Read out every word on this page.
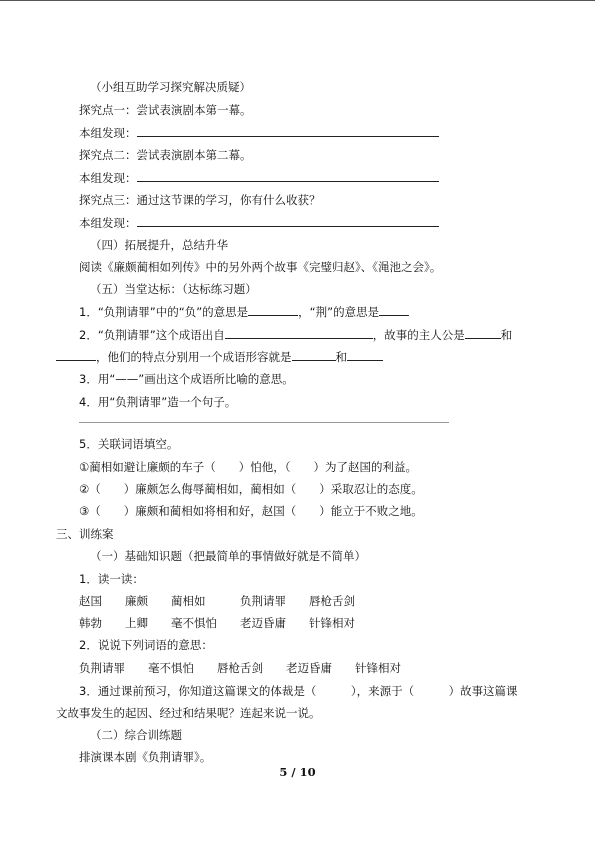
（小组互助学习探究解决质疑）
探究点一：尝试表演剧本第一幕。
本组发现：
探究点二：尝试表演剧本第二幕。
本组发现：
探究点三：通过这节课的学习，你有什么收获？
本组发现：
（四）拓展提升，总结升华
阅读《廉颇蔺相如列传》中的另外两个故事《完璧归赵》、《渑池之会》。
（五）当堂达标：（达标练习题）
1．“负荆请罪”中的“负”的意思是	，“荆”的意思是
2．“负荆请罪”这个成语出自	，故事的主人公是	和
，他们的特点分别用一个成语形容就是	和
3．用“——”画出这个成语所比喻的意思。
4．用“负荆请罪”造一个句子。
5．关联词语填空。
①蔺相如避让廉颇的车子（　　）怕他，（　　）为了赵国的利益。
②（　　）廉颇怎么侮辱蔺相如，蔺相如（　　）采取忍让的态度。
③（　　）廉颇和蔺相如将相和好，赵国（　　）能立于不败之地。
三、训练案
（一）基础知识题（把最简单的事情做好就是不简单）
1．读一读：
赵国　　廉颇　　蔺相如　　　负荆请罪　　唇枪舌剑
韩勃　　上卿　　毫不惧怕　　老迈昏庸　　针锋相对
2．说说下列词语的意思：
负荆请罪　　毫不惧怕　　唇枪舌剑　　老迈昏庸　　针锋相对
3．通过课前预习，你知道这篇课文的体裁是（　　　），来源于（　　　）故事这篇课
文故事发生的起因、经过和结果呢？连起来说一说。
（二）综合训练题
排演课本剧《负荆请罪》。
5 / 10
